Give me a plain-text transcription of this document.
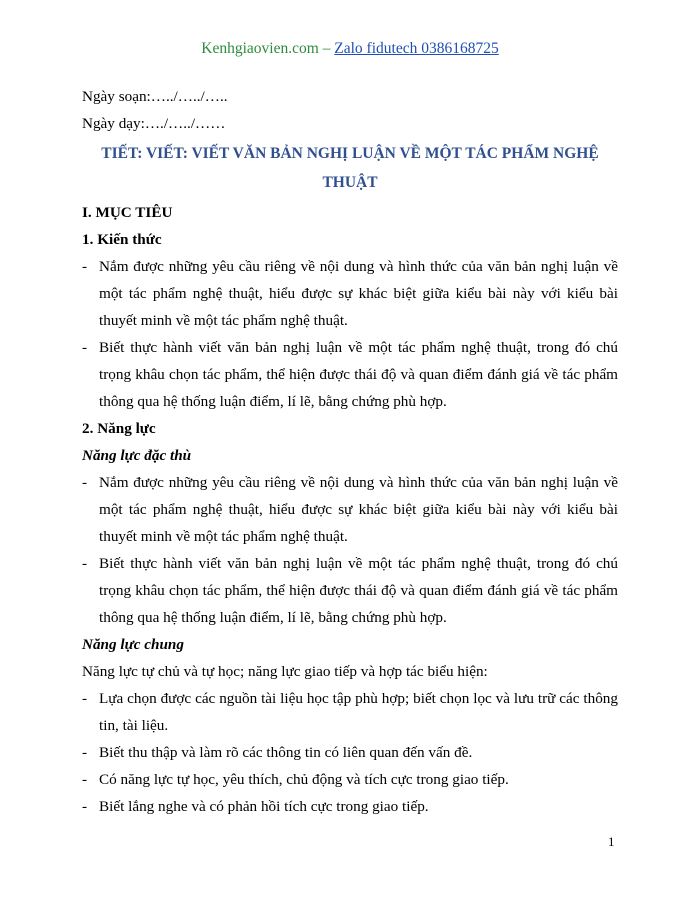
Kenhgiaovien.com – Zalo fidutech 0386168725

Ngày soạn:…../…../…..

Ngày dạy:…./…../……

TIẾT: VIẾT: VIẾT VĂN BẢN NGHỊ LUẬN VỀ MỘT TÁC PHẨM NGHỆ
THUẬT

I. MỤC TIÊU

1. Kiến thức

- Nắm được những yêu cầu riêng về nội dung và hình thức của văn bản nghị luận về một tác phẩm nghệ thuật, hiểu được sự khác biệt giữa kiểu bài này với kiểu bài thuyết minh về một tác phẩm nghệ thuật.
- Biết thực hành viết văn bản nghị luận về một tác phẩm nghệ thuật, trong đó chú trọng khâu chọn tác phẩm, thể hiện được thái độ và quan điểm đánh giá về tác phẩm thông qua hệ thống luận điểm, lí lẽ, bằng chứng phù hợp.

2. Năng lực

Năng lực đặc thù

- Nắm được những yêu cầu riêng về nội dung và hình thức của văn bản nghị luận về một tác phẩm nghệ thuật, hiểu được sự khác biệt giữa kiểu bài này với kiểu bài thuyết minh về một tác phẩm nghệ thuật.
- Biết thực hành viết văn bản nghị luận về một tác phẩm nghệ thuật, trong đó chú trọng khâu chọn tác phẩm, thể hiện được thái độ và quan điểm đánh giá về tác phẩm thông qua hệ thống luận điểm, lí lẽ, bằng chứng phù hợp.

Năng lực chung

Năng lực tự chủ và tự học; năng lực giao tiếp và hợp tác biểu hiện:

- Lựa chọn được các nguồn tài liệu học tập phù hợp; biết chọn lọc và lưu trữ các thông tin, tài liệu.
- Biết thu thập và làm rõ các thông tin có liên quan đến vấn đề.
- Có năng lực tự học, yêu thích, chủ động và tích cực trong giao tiếp.
- Biết lắng nghe và có phản hồi tích cực trong giao tiếp.
1
